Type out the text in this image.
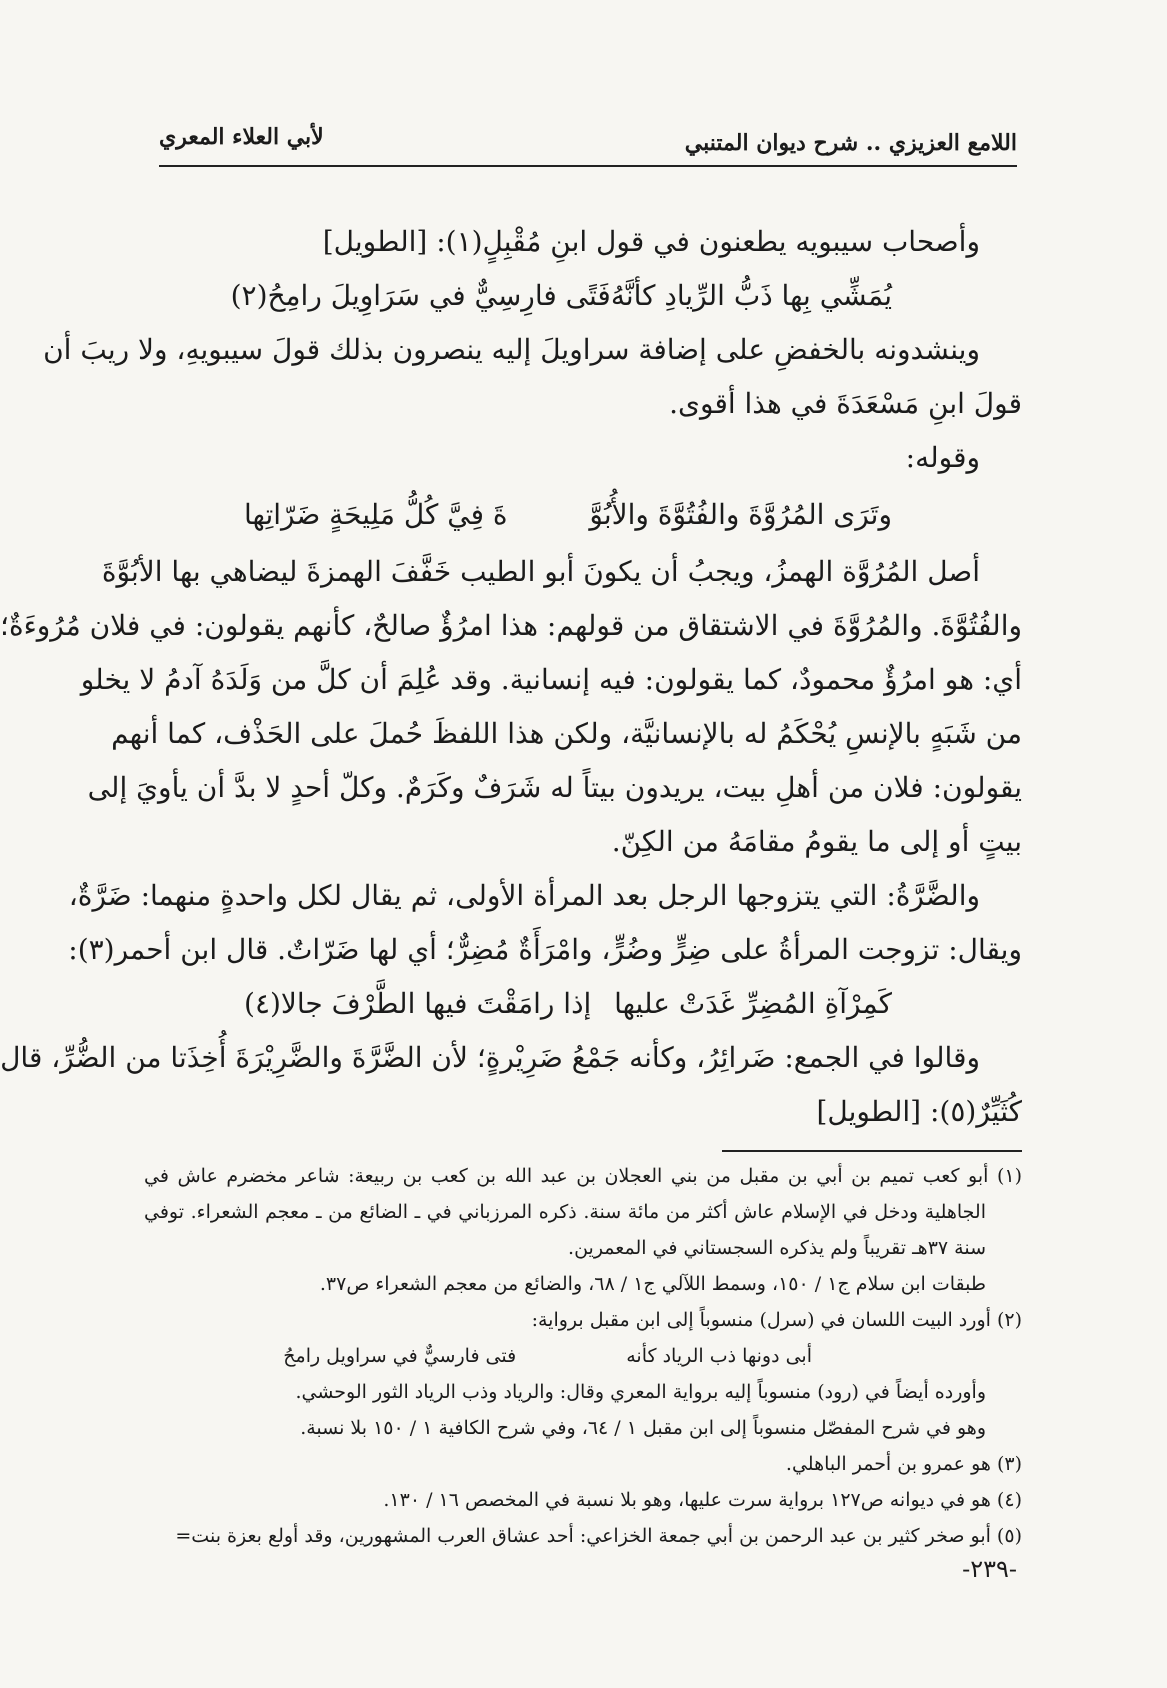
اللامع العزيزي .. شرح ديوان المتنبي
لأبي العلاء المعري
وأصحاب سيبويه يطعنون في قول ابنِ مُقْبِلٍ(١): [الطويل]
يُمَشِّي بِها ذَبُّ الرِّيادِ كأنَّهُ
فَتًى فارِسِيٌّ في سَرَاوِيلَ رامِحُ(٢)
وينشدونه بالخفضِ على إضافة سراويلَ إليه ينصرون بذلك قولَ سيبويهِ، ولا ريبَ أن
قولَ ابنِ مَسْعَدَةَ في هذا أقوى.
وقوله:
وتَرَى المُرُوَّةَ والفُتُوَّةَ والأُبُوَّ
ةَ فِيَّ كُلُّ مَلِيحَةٍ ضَرّاتِها
أصل المُرُوَّة الهمزُ، ويجبُ أن يكونَ أبو الطيب خَفَّفَ الهمزةَ ليضاهي بها الأبُوَّةَ
والفُتُوَّةَ. والمُرُوَّةَ في الاشتقاق من قولهم: هذا امرُؤٌ صالحٌ، كأنهم يقولون: في فلان مُرُوءَةٌ؛
أي: هو امرُؤٌ محمودٌ، كما يقولون: فيه إنسانية. وقد عُلِمَ أن كلَّ من وَلَدَهُ آدمُ لا يخلو
من شَبَهٍ بالإنسِ يُحْكَمُ له بالإنسانيَّة، ولكن هذا اللفظَ حُملَ على الحَذْف، كما أنهم
يقولون: فلان من أهلِ بيت، يريدون بيتاً له شَرَفٌ وكَرَمٌ. وكلّ أحدٍ لا بدَّ أن يأويَ إلى
بيتٍ أو إلى ما يقومُ مقامَهُ من الكِنّ.
والضَّرَّةُ: التي يتزوجها الرجل بعد المرأة الأولى، ثم يقال لكل واحدةٍ منهما: ضَرَّةٌ،
ويقال: تزوجت المرأةُ على ضِرٍّ وضُرٍّ، وامْرَأَةٌ مُضِرٌّ؛ أي لها ضَرّاتٌ. قال ابن أحمر(٣):
كَمِرْآةِ المُضِرِّ غَدَتْ عليها
إذا رامَقْتَ فيها الطَّرْفَ جالا(٤)
وقالوا في الجمع: ضَرائِرُ، وكأنه جَمْعُ ضَرِيْرةٍ؛ لأن الضَّرَّةَ والضَّرِيْرَةَ أُخِذَتا من الضُّرِّ، قال
كُثَيِّرٌ(٥): [الطويل]
(١) أبو كعب تميم بن أبي بن مقبل من بني العجلان بن عبد الله بن كعب بن ربيعة: شاعر مخضرم عاش في
الجاهلية ودخل في الإسلام عاش أكثر من مائة سنة. ذكره المرزباني في ـ الضائع من ـ معجم الشعراء. توفي
سنة ٣٧هـ تقريباً ولم يذكره السجستاني في المعمرين.
طبقات ابن سلام ج١ / ١٥٠، وسمط اللآلي ج١ / ٦٨، والضائع من معجم الشعراء ص٣٧.
(٢) أورد البيت اللسان في (سرل) منسوباً إلى ابن مقبل برواية:
أبى دونها ذب الرياد كأنه
فتى فارسيٌّ في سراويل رامحُ
وأورده أيضاً في (رود) منسوباً إليه برواية المعري وقال: والرياد وذب الرياد الثور الوحشي.
وهو في شرح المفصّل منسوباً إلى ابن مقبل ١ / ٦٤، وفي شرح الكافية ١ / ١٥٠ بلا نسبة.
(٣) هو عمرو بن أحمر الباهلي.
(٤) هو في ديوانه ص١٢٧ برواية سرت عليها، وهو بلا نسبة في المخصص ١٦ / ١٣٠.
(٥) أبو صخر كثير بن عبد الرحمن بن أبي جمعة الخزاعي: أحد عشاق العرب المشهورين، وقد أولع بعزة بنت=
-٢٣٩-
